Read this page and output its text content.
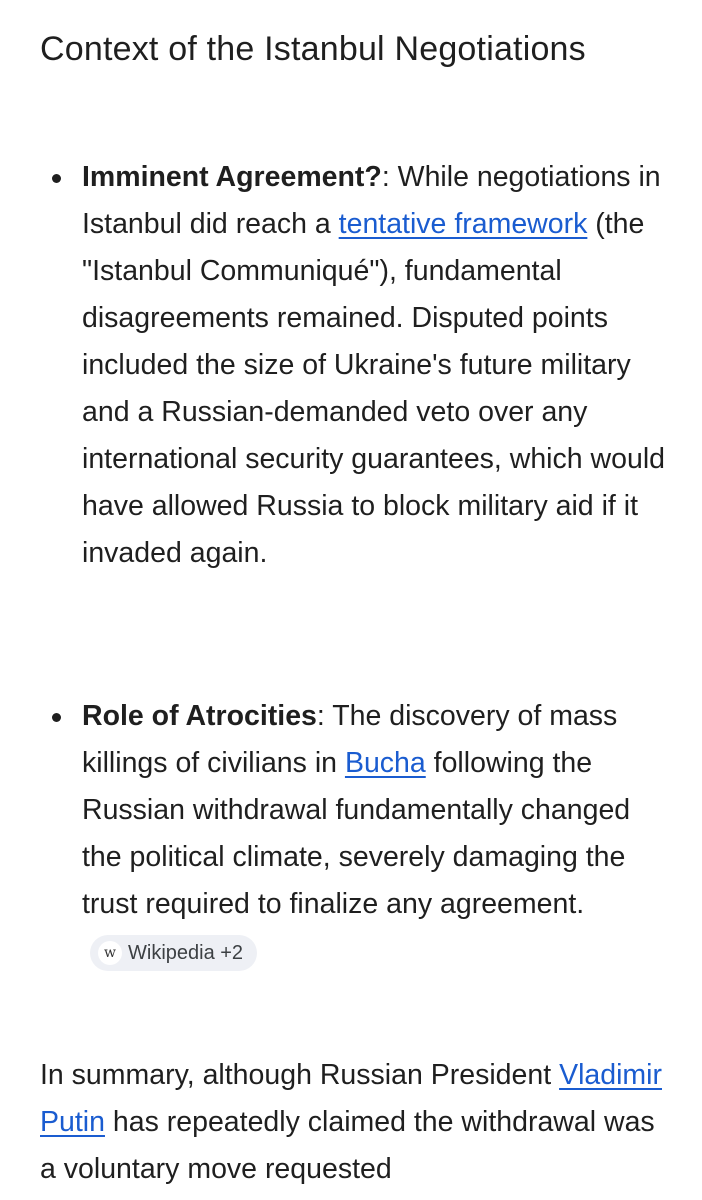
Context of the Istanbul Negotiations
Imminent Agreement?: While negotiations in Istanbul did reach a tentative framework (the "Istanbul Communiqué"), fundamental disagreements remained. Disputed points included the size of Ukraine's future military and a Russian-demanded veto over any international security guarantees, which would have allowed Russia to block military aid if it invaded again.
Role of Atrocities: The discovery of mass killings of civilians in Bucha following the Russian withdrawal fundamentally changed the political climate, severely damaging the trust required to finalize any agreement.
w Wikipedia +2

In summary, although Russian President Vladimir Putin has repeatedly claimed the withdrawal was a voluntary move requested
